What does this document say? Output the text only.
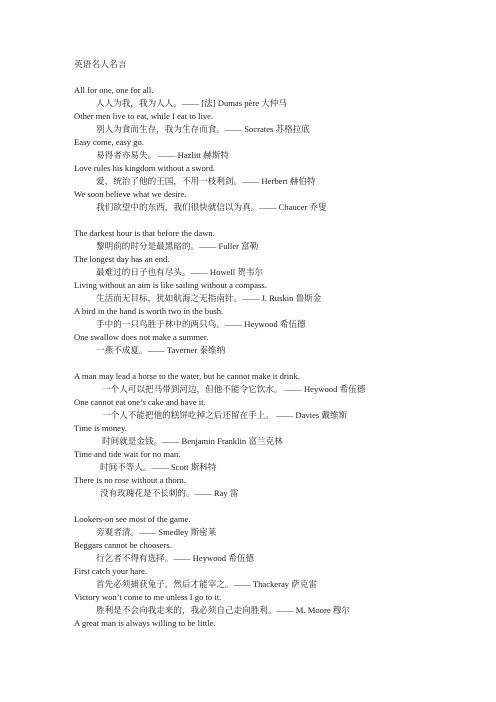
英语名人名言
All for one, one for all.
人人为我，我为人人。—— [法] Dumas père 大仲马
Other men live to eat, while I eat to live.
别人为食而生存，我为生存而食。—— Socrates 苏格拉底
Easy come, easy go.
易得者亦易失。 —— Hazlitt 赫斯特
Love rules his kingdom without a sword.
爱，统治了他的王国，不用一枝利剑。—— Herbert 赫伯特
We soon believe what we desire.
我们欲望中的东西，我们很快就信以为真。—— Chaucer 乔叟
The darkest hour is that before the dawn.
黎明前的时分是最黑暗的。—— Fuller 富勒
The longest day has an end.
最难过的日子也有尽头。—— Howell 贺韦尔
Living without an aim is like sailing without a compass.
生活而无目标，犹如航海之无指南针。—— J. Ruskin 鲁斯金
A bird in the hand is worth two in the bush.
手中的一只鸟胜于林中的两只鸟。—— Heywood 希伍德
One swallow does not make a summer.
一燕不成夏。—— Taverner 泰维纳
A man may lead a horse to the water, but he cannot make it drink.
一个人可以把马带到河边，但他不能令它饮水。 —— Heywood 希伍德
One cannot eat one’s cake and have it.
一个人不能把他的糕饼吃掉之后还留在手上。 —— Davies 戴维斯
Time is money.
时间就是金钱。—— Benjamin Franklin 富兰克林
Time and tide wait for no man.
时间不等人。—— Scott 斯科特
There is no rose without a thorn.
没有玫瑰花是不长刺的。—— Ray 雷
Lookers-on see most of the game.
旁观者清。—— Smedley 斯密莱
Beggars cannot be choosers.
行乞者不得有选择。—— Heywood 希伍德
First catch your hare.
首先必须捕获兔子，然后才能宰之。—— Thackeray 萨克雷
Victory won’t come to me unless I go to it.
胜利是不会向我走来的，我必须自己走向胜利。—— M. Moore 穆尔
A great man is always willing to be little.
